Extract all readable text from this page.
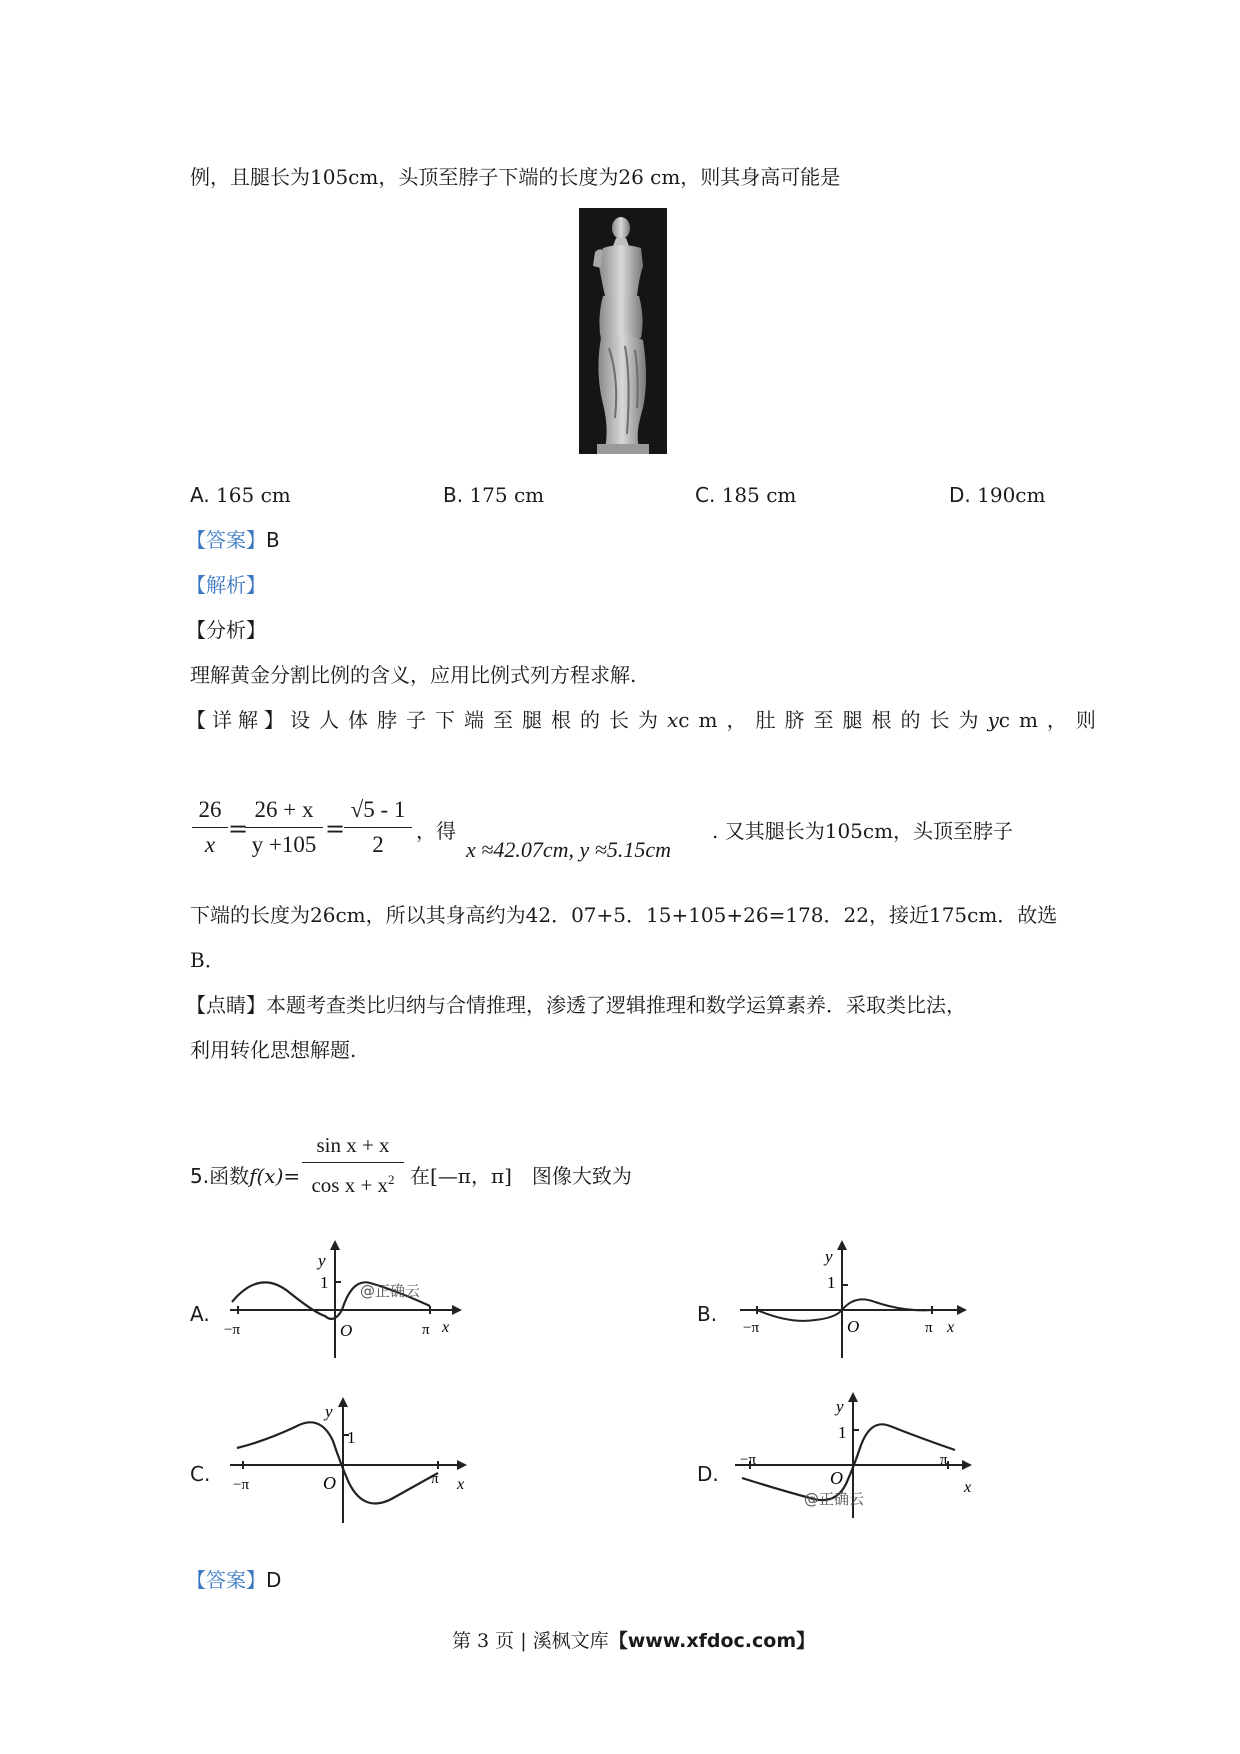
例，且腿长为105cm，头顶至脖子下端的长度为26 cm，则其身高可能是
A. 165 cm	B. 175 cm	C. 185 cm	D. 190cm
【答案】B
【解析】
【分析】
理解黄金分割比例的含义，应用比例式列方程求解.
【详解】 设人体脖子下端至腿根的长为 x cm，肚脐至腿根的长为 y cm，则
26
x
=
26 + x
y +105
=
√5 - 1
2
，得
x ≈42.07cm, y ≈5.15cm
. 又其腿长为105cm，头顶至脖子
下端的长度为26cm，所以其身高约为42．07+5．15+105+26=178．22，接近175cm．故选
B．
【点睛】本题考查类比归纳与合情推理，渗透了逻辑推理和数学运算素养．采取类比法，
利用转化思想解题.
5.函数f(x)=
sin x + x
$\cos x + x^2$ 在[—π，π]　图像大致为
A.	B.
C.	D.
y
1
O
−π	π x
@正确云
y
1
O
−π	π x
y
1
O
−π	π x
y
1
O
−π	π
x
@正确云
【答案】D
第 3 页 | 溪枫文库【www.xfdoc.com】
